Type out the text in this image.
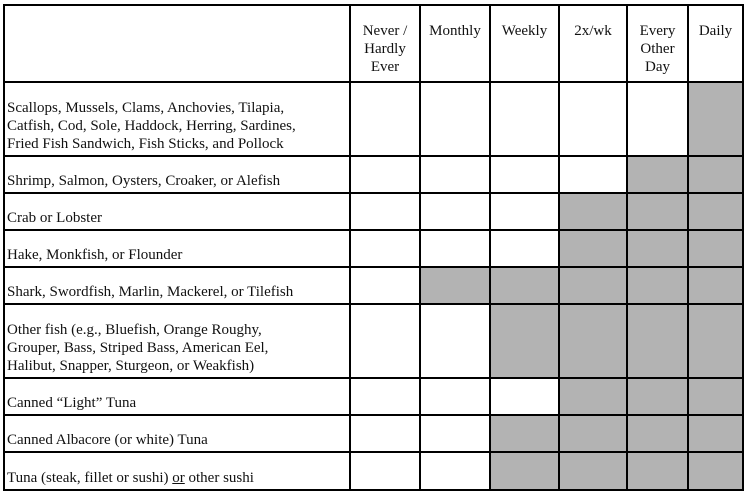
	Never /
Hardly
Ever	Monthly	Weekly	2x/wk	Every
Other
Day	Daily

Scallops, Mussels, Clams, Anchovies, Tilapia,
Catfish, Cod, Sole, Haddock, Herring, Sardines,
Fried Fish Sandwich, Fish Sticks, and Pollock						

Shrimp, Salmon, Oysters, Croaker, or Alefish						

Crab or Lobster						

Hake, Monkfish, or Flounder						

Shark, Swordfish, Marlin, Mackerel, or Tilefish						

Other fish (e.g., Bluefish, Orange Roughy,
Grouper, Bass, Striped Bass, American Eel,
Halibut, Snapper, Sturgeon, or Weakfish)						

Canned “Light” Tuna						

Canned Albacore (or white) Tuna						

Tuna (steak, fillet or sushi) or other sushi						
